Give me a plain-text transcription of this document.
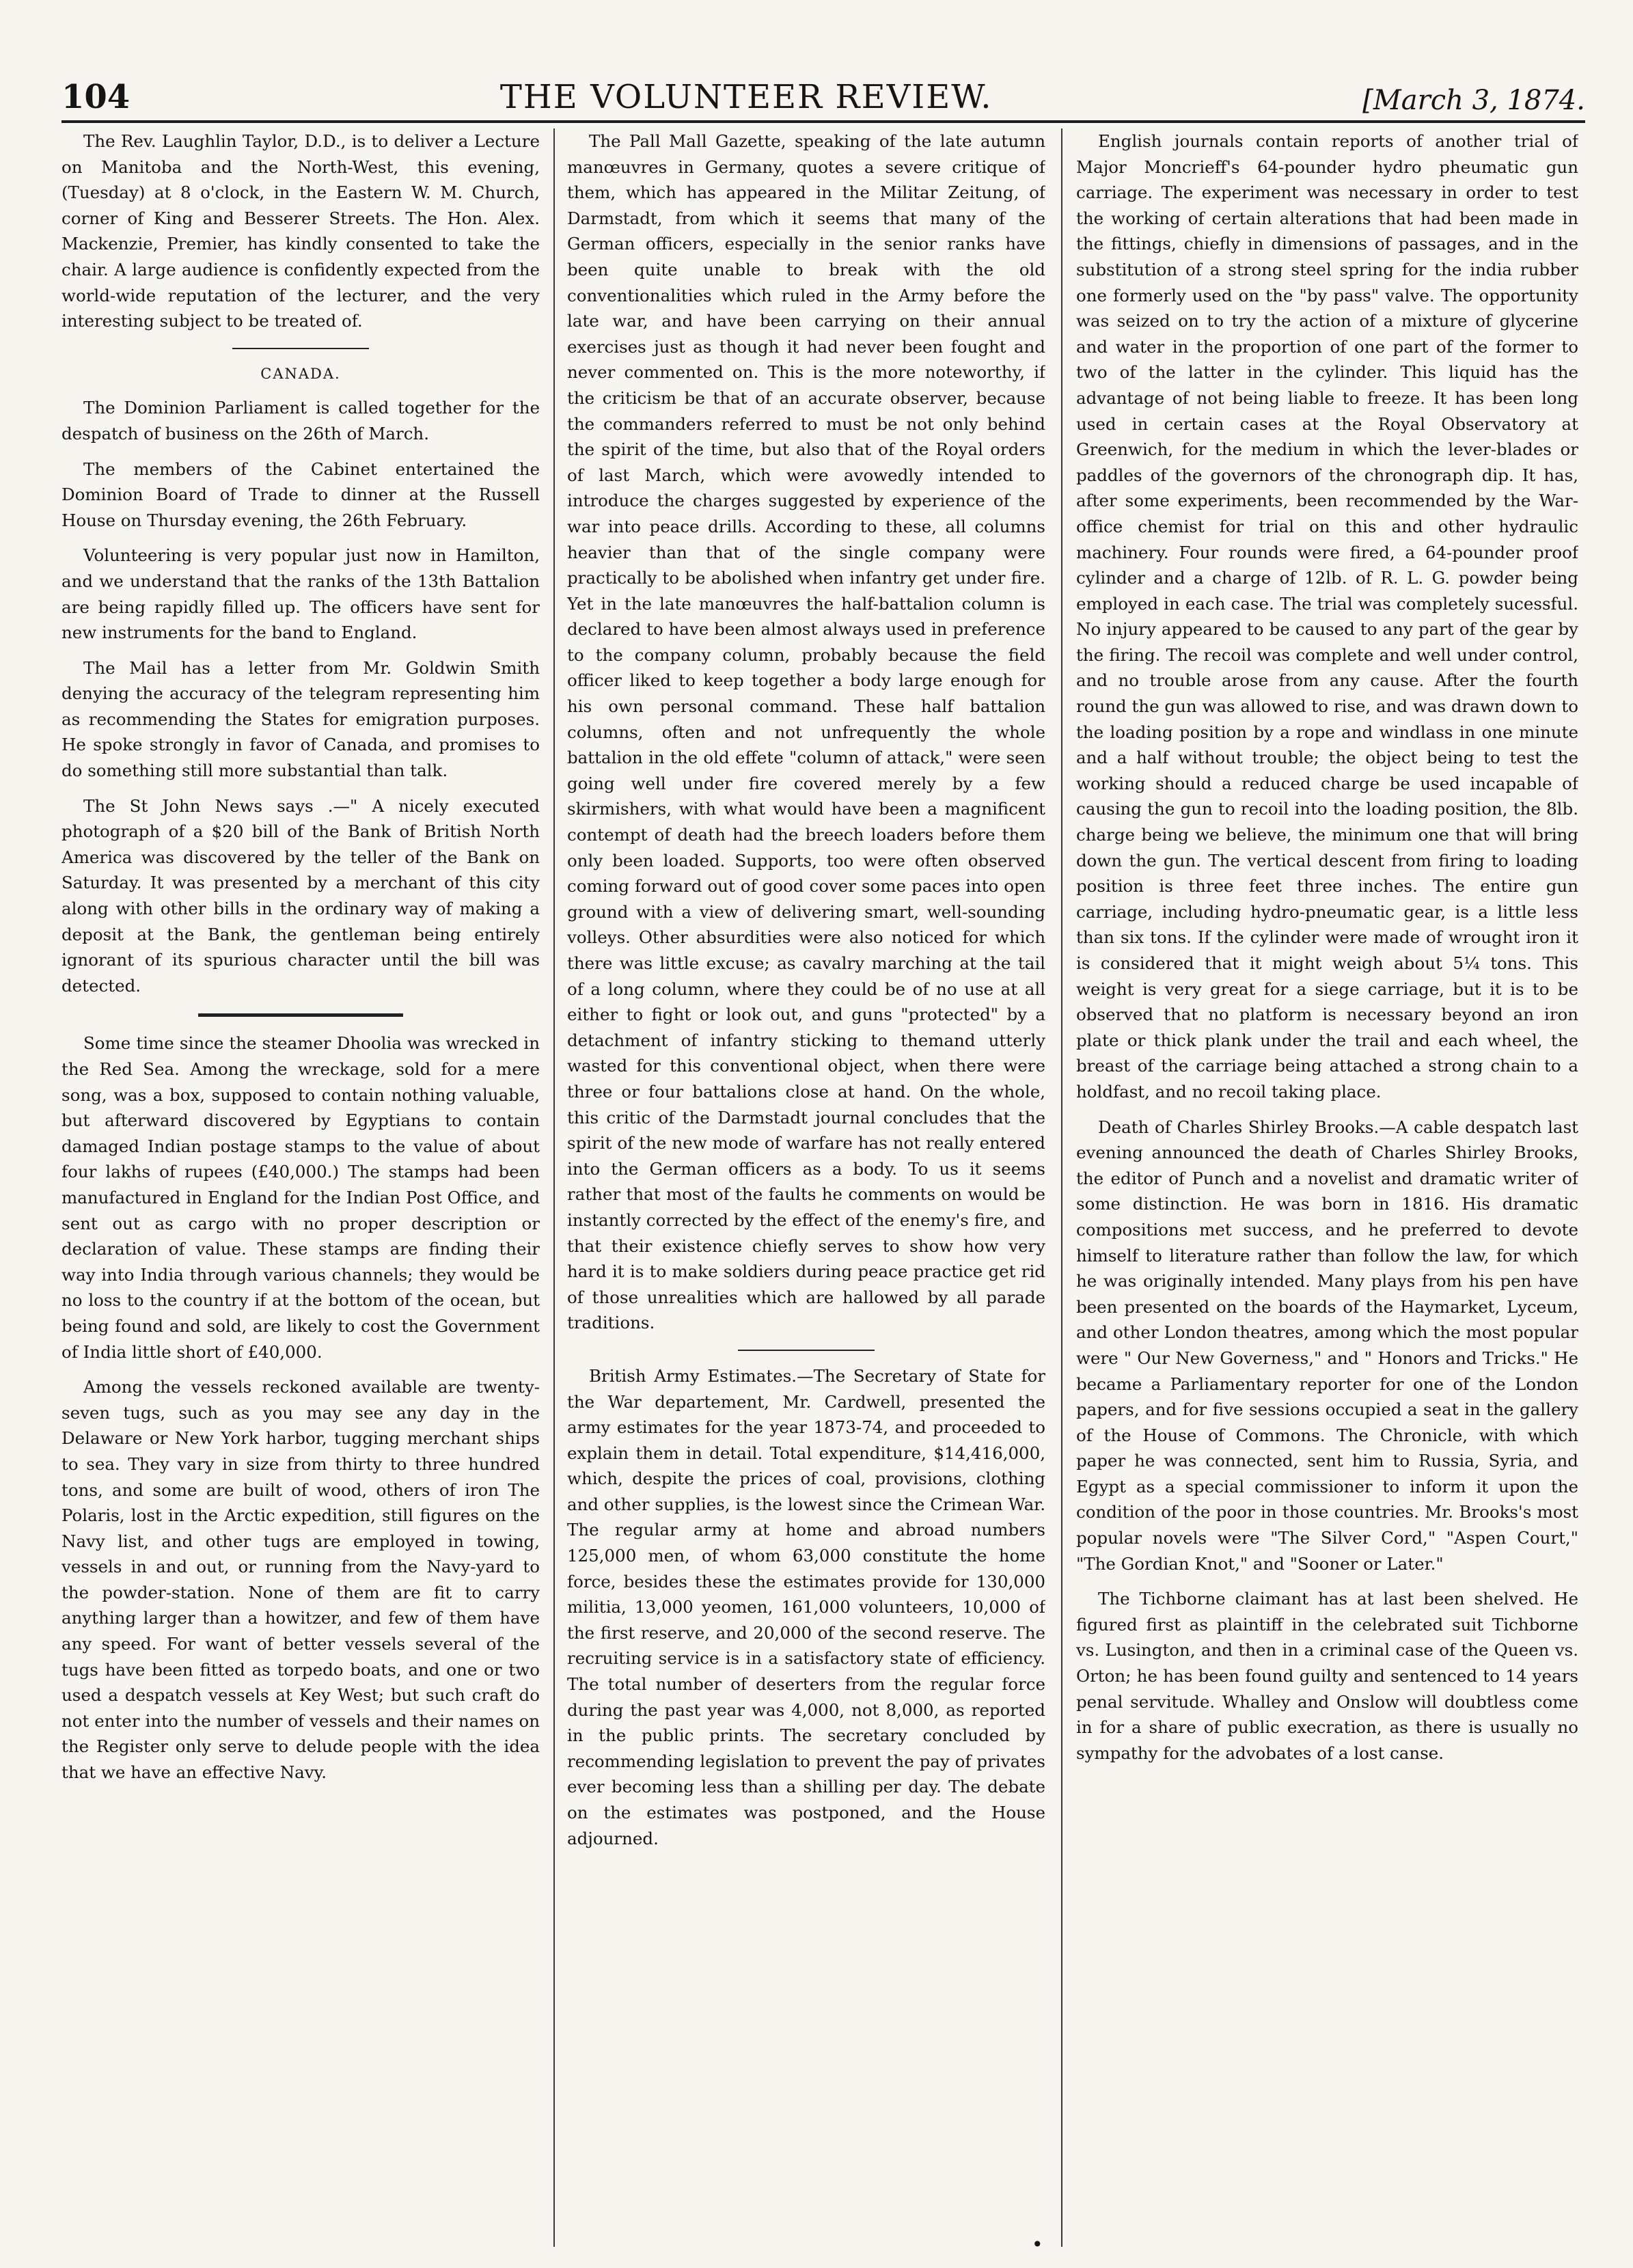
104	THE VOLUNTEER REVIEW.	[March 3, 1874.

The Rev. Laughlin Taylor, D.D., is to deliver a Lecture on Manitoba and the North-West, this evening, (Tuesday) at 8 o'clock, in the Eastern W. M. Church, corner of King and Besserer Streets. The Hon. Alex. Mackenzie, Premier, has kindly consented to take the chair. A large audience is confidently expected from the world-wide reputation of the lecturer, and the very interesting subject to be treated of.

CANADA.

The Dominion Parliament is called together for the despatch of business on the 26th of March.

The members of the Cabinet entertained the Dominion Board of Trade to dinner at the Russell House on Thursday evening, the 26th February.

Volunteering is very popular just now in Hamilton, and we understand that the ranks of the 13th Battalion are being rapidly filled up. The officers have sent for new instruments for the band to England.

The Mail has a letter from Mr. Goldwin Smith denying the accuracy of the telegram representing him as recommending the States for emigration purposes. He spoke strongly in favor of Canada, and promises to do something still more substantial than talk.

The St John News says .—" A nicely executed photograph of a $20 bill of the Bank of British North America was discovered by the teller of the Bank on Saturday. It was presented by a merchant of this city along with other bills in the ordinary way of making a deposit at the Bank, the gentleman being entirely ignorant of its spurious character until the bill was detected.

Some time since the steamer Dhoolia was wrecked in the Red Sea. Among the wreckage, sold for a mere song, was a box, supposed to contain nothing valuable, but afterward discovered by Egyptians to contain damaged Indian postage stamps to the value of about four lakhs of rupees (£40,000.) The stamps had been manufactured in England for the Indian Post Office, and sent out as cargo with no proper description or declaration of value. These stamps are finding their way into India through various channels; they would be no loss to the country if at the bottom of the ocean, but being found and sold, are likely to cost the Government of India little short of £40,000.

Among the vessels reckoned available are twenty-seven tugs, such as you may see any day in the Delaware or New York harbor, tugging merchant ships to sea. They vary in size from thirty to three hundred tons, and some are built of wood, others of iron The Polaris, lost in the Arctic expedition, still figures on the Navy list, and other tugs are employed in towing, vessels in and out, or running from the Navy-yard to the powder-station. None of them are fit to carry anything larger than a howitzer, and few of them have any speed. For want of better vessels several of the tugs have been fitted as torpedo boats, and one or two used a despatch vessels at Key West; but such craft do not enter into the number of vessels and their names on the Register only serve to delude people with the idea that we have an effective Navy.

The Pall Mall Gazette, speaking of the late autumn manœuvres in Germany, quotes a severe critique of them, which has appeared in the Militar Zeitung, of Darmstadt, from which it seems that many of the German officers, especially in the senior ranks have been quite unable to break with the old conventionalities which ruled in the Army before the late war, and have been carrying on their annual exercises just as though it had never been fought and never commented on. This is the more noteworthy, if the criticism be that of an accurate observer, because the commanders referred to must be not only behind the spirit of the time, but also that of the Royal orders of last March, which were avowedly intended to introduce the charges suggested by experience of the war into peace drills. According to these, all columns heavier than that of the single company were practically to be abolished when infantry get under fire. Yet in the late manœuvres the half-battalion column is declared to have been almost always used in preference to the company column, probably because the field officer liked to keep together a body large enough for his own personal command. These half battalion columns, often and not unfrequently the whole battalion in the old effete "column of attack," were seen going well under fire covered merely by a few skirmishers, with what would have been a magnificent contempt of death had the breech loaders before them only been loaded. Supports, too were often observed coming forward out of good cover some paces into open ground with a view of delivering smart, well-sounding volleys. Other absurdities were also noticed for which there was little excuse; as cavalry marching at the tail of a long column, where they could be of no use at all either to fight or look out, and guns "protected" by a detachment of infantry sticking to themand utterly wasted for this conventional object, when there were three or four battalions close at hand. On the whole, this critic of the Darmstadt journal concludes that the spirit of the new mode of warfare has not really entered into the German officers as a body. To us it seems rather that most of the faults he comments on would be instantly corrected by the effect of the enemy's fire, and that their existence chiefly serves to show how very hard it is to make soldiers during peace practice get rid of those unrealities which are hallowed by all parade traditions.

British Army Estimates.—The Secretary of State for the War departement, Mr. Cardwell, presented the army estimates for the year 1873-74, and proceeded to explain them in detail. Total expenditure, $14,416,000, which, despite the prices of coal, provisions, clothing and other supplies, is the lowest since the Crimean War. The regular army at home and abroad numbers 125,000 men, of whom 63,000 constitute the home force, besides these the estimates provide for 130,000 militia, 13,000 yeomen, 161,000 volunteers, 10,000 of the first reserve, and 20,000 of the second reserve. The recruiting service is in a satisfactory state of efficiency. The total number of deserters from the regular force during the past year was 4,000, not 8,000, as reported in the public prints. The secretary concluded by recommending legislation to prevent the pay of privates ever becoming less than a shilling per day. The debate on the estimates was postponed, and the House adjourned.

English journals contain reports of another trial of Major Moncrieff's 64-pounder hydro pheumatic gun carriage. The experiment was necessary in order to test the working of certain alterations that had been made in the fittings, chiefly in dimensions of passages, and in the substitution of a strong steel spring for the india rubber one formerly used on the "by pass" valve. The opportunity was seized on to try the action of a mixture of glycerine and water in the proportion of one part of the former to two of the latter in the cylinder. This liquid has the advantage of not being liable to freeze. It has been long used in certain cases at the Royal Observatory at Greenwich, for the medium in which the lever-blades or paddles of the governors of the chronograph dip. It has, after some experiments, been recommended by the War-office chemist for trial on this and other hydraulic machinery. Four rounds were fired, a 64-pounder proof cylinder and a charge of 12lb. of R. L. G. powder being employed in each case. The trial was completely sucessful. No injury appeared to be caused to any part of the gear by the firing. The recoil was complete and well under control, and no trouble arose from any cause. After the fourth round the gun was allowed to rise, and was drawn down to the loading position by a rope and windlass in one minute and a half without trouble; the object being to test the working should a reduced charge be used incapable of causing the gun to recoil into the loading position, the 8lb. charge being we believe, the minimum one that will bring down the gun. The vertical descent from firing to loading position is three feet three inches. The entire gun carriage, including hydro-pneumatic gear, is a little less than six tons. If the cylinder were made of wrought iron it is considered that it might weigh about 5¼ tons. This weight is very great for a siege carriage, but it is to be observed that no platform is necessary beyond an iron plate or thick plank under the trail and each wheel, the breast of the carriage being attached a strong chain to a holdfast, and no recoil taking place.

Death of Charles Shirley Brooks.—A cable despatch last evening announced the death of Charles Shirley Brooks, the editor of Punch and a novelist and dramatic writer of some distinction. He was born in 1816. His dramatic compositions met success, and he preferred to devote himself to literature rather than follow the law, for which he was originally intended. Many plays from his pen have been presented on the boards of the Haymarket, Lyceum, and other London theatres, among which the most popular were " Our New Governess," and " Honors and Tricks." He became a Parliamentary reporter for one of the London papers, and for five sessions occupied a seat in the gallery of the House of Commons. The Chronicle, with which paper he was connected, sent him to Russia, Syria, and Egypt as a special commissioner to inform it upon the condition of the poor in those countries. Mr. Brooks's most popular novels were "The Silver Cord," "Aspen Court," "The Gordian Knot," and "Sooner or Later."

The Tichborne claimant has at last been shelved. He figured first as plaintiff in the celebrated suit Tichborne vs. Lusington, and then in a criminal case of the Queen vs. Orton; he has been found guilty and sentenced to 14 years penal servitude. Whalley and Onslow will doubtless come in for a share of public execration, as there is usually no sympathy for the advobates of a lost canse.

•
